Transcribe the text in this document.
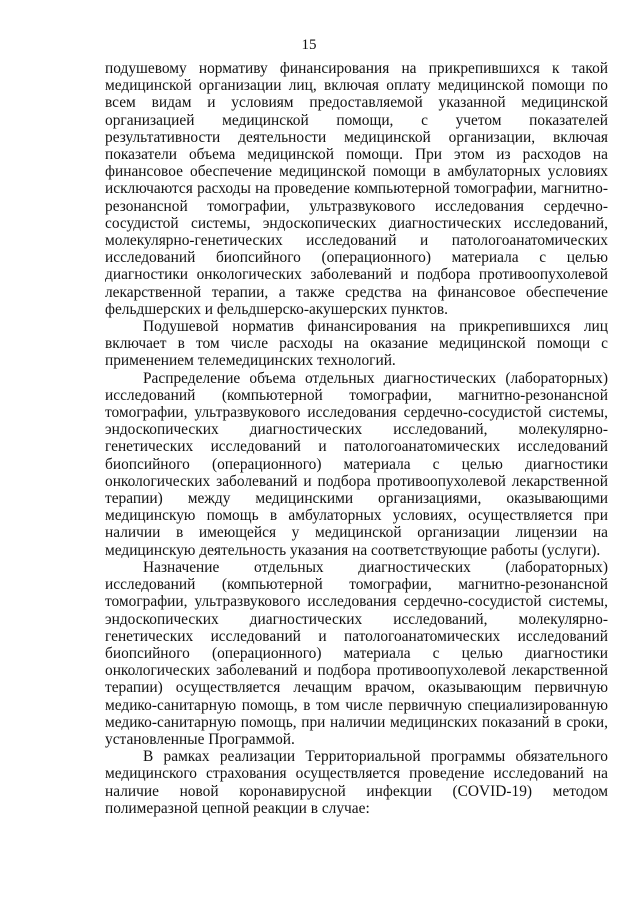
15

подушевому нормативу финансирования на прикрепившихся к такой медицинской организации лиц, включая оплату медицинской помощи по всем видам и условиям предоставляемой указанной медицинской организацией медицинской помощи, с учетом показателей результативности деятельности медицинской организации, включая показатели объема медицинской помощи. При этом из расходов на финансовое обеспечение медицинской помощи в амбулаторных условиях исключаются расходы на проведение компьютерной томографии, магнитно-резонансной томографии, ультразвукового исследования сердечно-сосудистой системы, эндоскопических диагностических исследований, молекулярно-генетических исследований и патологоанатомических исследований биопсийного (операционного) материала с целью диагностики онкологических заболеваний и подбора противоопухолевой лекарственной терапии, а также средства на финансовое обеспечение фельдшерских и фельдшерско-акушерских пунктов.

Подушевой норматив финансирования на прикрепившихся лиц включает в том числе расходы на оказание медицинской помощи с применением телемедицинских технологий.

Распределение объема отдельных диагностических (лабораторных) исследований (компьютерной томографии, магнитно-резонансной томографии, ультразвукового исследования сердечно-сосудистой системы, эндоскопических диагностических исследований, молекулярно-генетических исследований и патологоанатомических исследований биопсийного (операционного) материала с целью диагностики онкологических заболеваний и подбора противоопухолевой лекарственной терапии) между медицинскими организациями, оказывающими медицинскую помощь в амбулаторных условиях, осуществляется при наличии в имеющейся у медицинской организации лицензии на медицинскую деятельность указания на соответствующие работы (услуги).

Назначение отдельных диагностических (лабораторных) исследований (компьютерной томографии, магнитно-резонансной томографии, ультразвукового исследования сердечно-сосудистой системы, эндоскопических диагностических исследований, молекулярно-генетических исследований и патологоанатомических исследований биопсийного (операционного) материала с целью диагностики онкологических заболеваний и подбора противоопухолевой лекарственной терапии) осуществляется лечащим врачом, оказывающим первичную медико-санитарную помощь, в том числе первичную специализированную медико-санитарную помощь, при наличии медицинских показаний в сроки, установленные Программой.

В рамках реализации Территориальной программы обязательного медицинского страхования осуществляется проведение исследований на наличие новой коронавирусной инфекции (COVID-19) методом полимеразной цепной реакции в случае:
